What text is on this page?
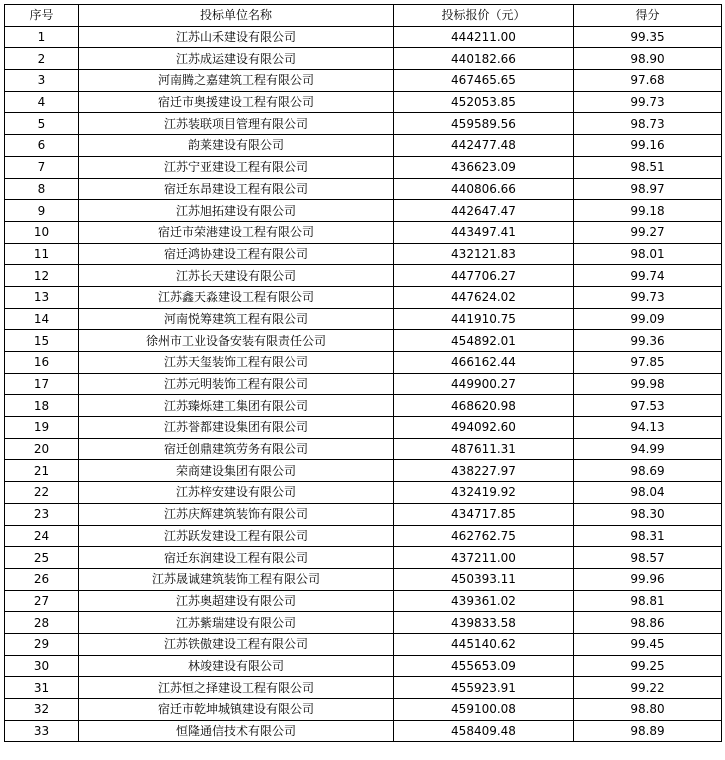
序号	投标单位名称	投标报价（元）	得分
1	江苏山禾建设有限公司	444211.00	99.35
2	江苏成运建设有限公司	440182.66	98.90
3	河南腾之嘉建筑工程有限公司	467465.65	97.68
4	宿迁市奥援建设工程有限公司	452053.85	99.73
5	江苏装联项目管理有限公司	459589.56	98.73
6	韵莱建设有限公司	442477.48	99.16
7	江苏宁亚建设工程有限公司	436623.09	98.51
8	宿迁东昂建设工程有限公司	440806.66	98.97
9	江苏旭拓建设有限公司	442647.47	99.18
10	宿迁市荣港建设工程有限公司	443497.41	99.27
11	宿迁鸿协建设工程有限公司	432121.83	98.01
12	江苏长天建设有限公司	447706.27	99.74
13	江苏鑫天淼建设工程有限公司	447624.02	99.73
14	河南悦筹建筑工程有限公司	441910.75	99.09
15	徐州市工业设备安装有限责任公司	454892.01	99.36
16	江苏天玺装饰工程有限公司	466162.44	97.85
17	江苏元明装饰工程有限公司	449900.27	99.98
18	江苏臻烁建工集团有限公司	468620.98	97.53
19	江苏誉都建设集团有限公司	494092.60	94.13
20	宿迁创鼎建筑劳务有限公司	487611.31	94.99
21	荣商建设集团有限公司	438227.97	98.69
22	江苏梓安建设有限公司	432419.92	98.04
23	江苏庆辉建筑装饰有限公司	434717.85	98.30
24	江苏跃发建设工程有限公司	462762.75	98.31
25	宿迁东润建设工程有限公司	437211.00	98.57
26	江苏晟诚建筑装饰工程有限公司	450393.11	99.96
27	江苏奥超建设有限公司	439361.02	98.81
28	江苏紫瑞建设有限公司	439833.58	98.86
29	江苏铁傲建设工程有限公司	445140.62	99.45
30	林竣建设有限公司	455653.09	99.25
31	江苏恒之择建设工程有限公司	455923.91	99.22
32	宿迁市乾坤城镇建设有限公司	459100.08	98.80
33	恒隆通信技术有限公司	458409.48	98.89
